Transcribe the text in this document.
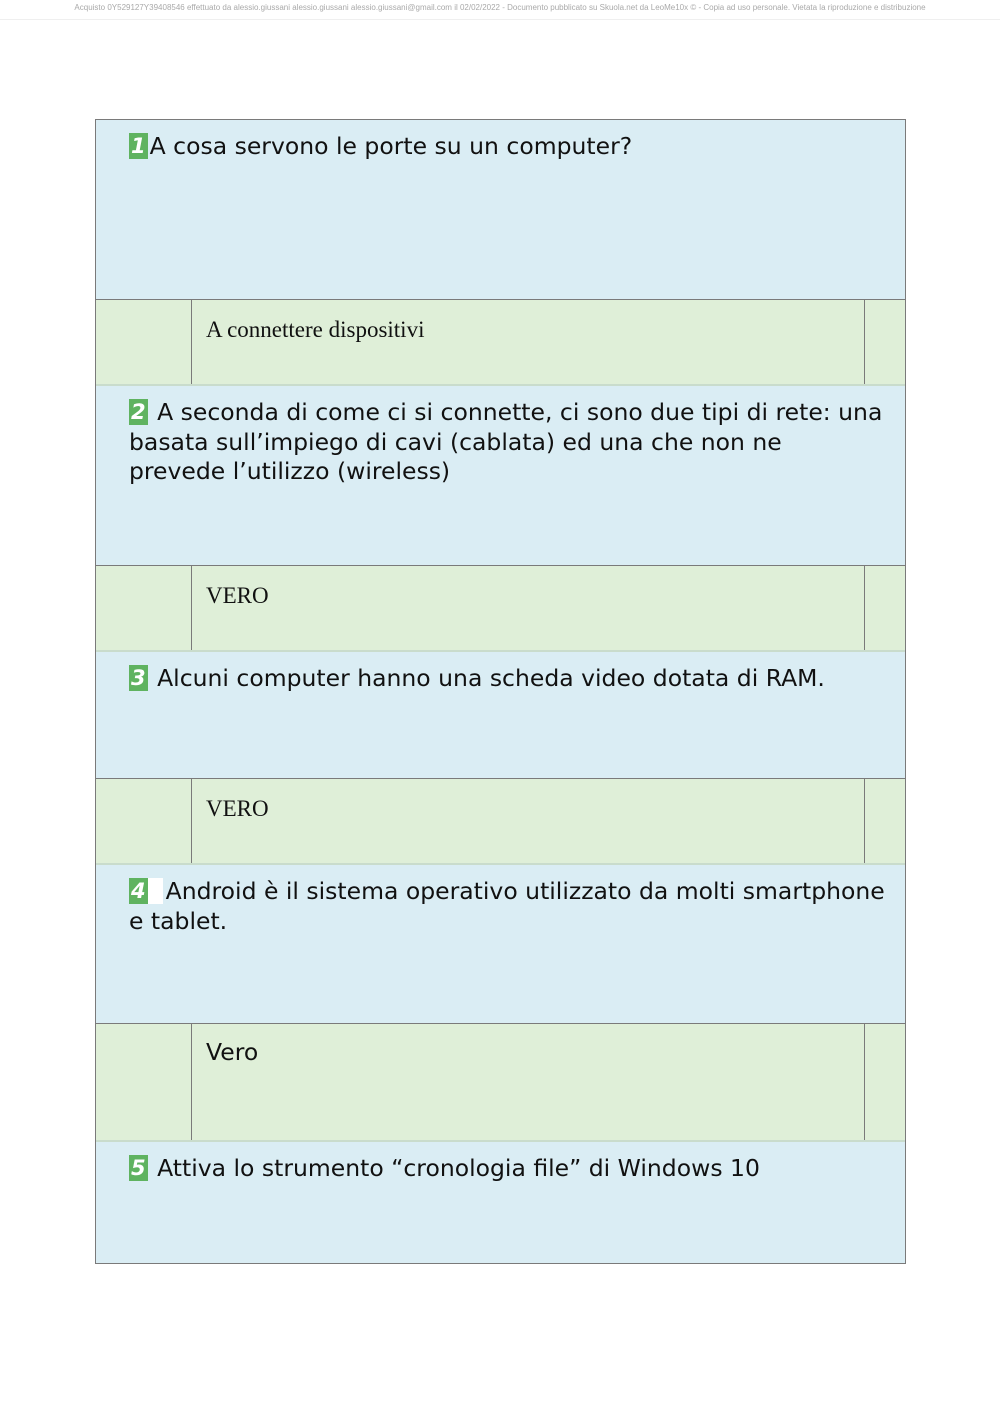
Acquisto 0Y529127Y39408546 effettuato da alessio.giussani alessio.giussani alessio.giussani@gmail.com il 02/02/2022 - Documento pubblicato su Skuola.net da LeoMe10x © - Copia ad uso personale. Vietata la riproduzione e distribuzione
1 A cosa servono le porte su un computer?
A connettere dispositivi
2 A seconda di come ci si connette, ci sono due tipi di rete: una basata sull’impiego di cavi (cablata) ed una che non ne prevede l’utilizzo (wireless)
VERO
3 Alcuni computer hanno una scheda video dotata di RAM.
VERO
4 Android è il sistema operativo utilizzato da molti smartphone e tablet.
Vero
5 Attiva lo strumento “cronologia file” di Windows 10
